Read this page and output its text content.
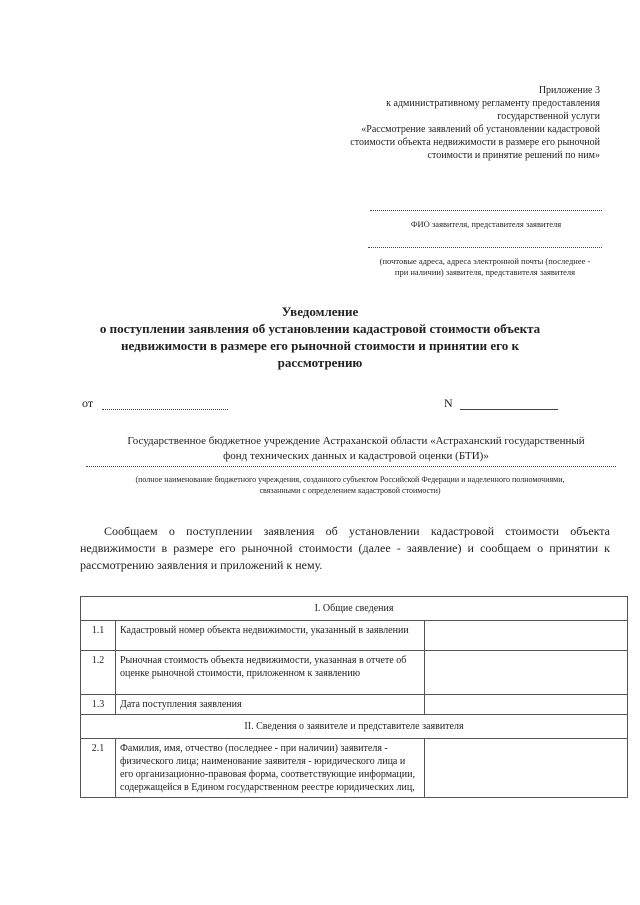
Приложение 3
к административному регламенту предоставления
государственной услуги
«Рассмотрение заявлений об установлении кадастровой
стоимости объекта недвижимости в размере его рыночной
стоимости и принятие решений по ним»
ФИО заявителя, представителя заявителя
(почтовые адреса, адреса электронной почты (последнее -
при наличии) заявителя, представителя заявителя
Уведомление
о поступлении заявления об установлении кадастровой стоимости объекта
недвижимости в размере его рыночной стоимости и принятии его к
рассмотрению
от	N
Государственное бюджетное учреждение Астраханской области «Астраханский государственный
фонд технических данных и кадастровой оценки (БТИ)»
(полное наименование бюджетного учреждения, созданного субъектом Российской Федерации и наделенного полномочиями,
связанными с определением кадастровой стоимости)
Сообщаем о поступлении заявления об установлении кадастровой стоимости объекта недвижимости в размере его рыночной стоимости (далее - заявление) и сообщаем о принятии к рассмотрению заявления и приложений к нему.
I. Общие сведения		
1.1	Кадастровый номер объекта недвижимости, указанный в заявлении	
1.2	Рыночная стоимость объекта недвижимости, указанная в отчете об оценке рыночной стоимости, приложенном к заявлению	
1.3	Дата поступления заявления	
II. Сведения о заявителе и представителе заявителя		
2.1	Фамилия, имя, отчество (последнее - при наличии) заявителя - физического лица; наименование заявителя - юридического лица и его организационно-правовая форма, соответствующие информации, содержащейся в Едином государственном реестре юридических лиц,	
